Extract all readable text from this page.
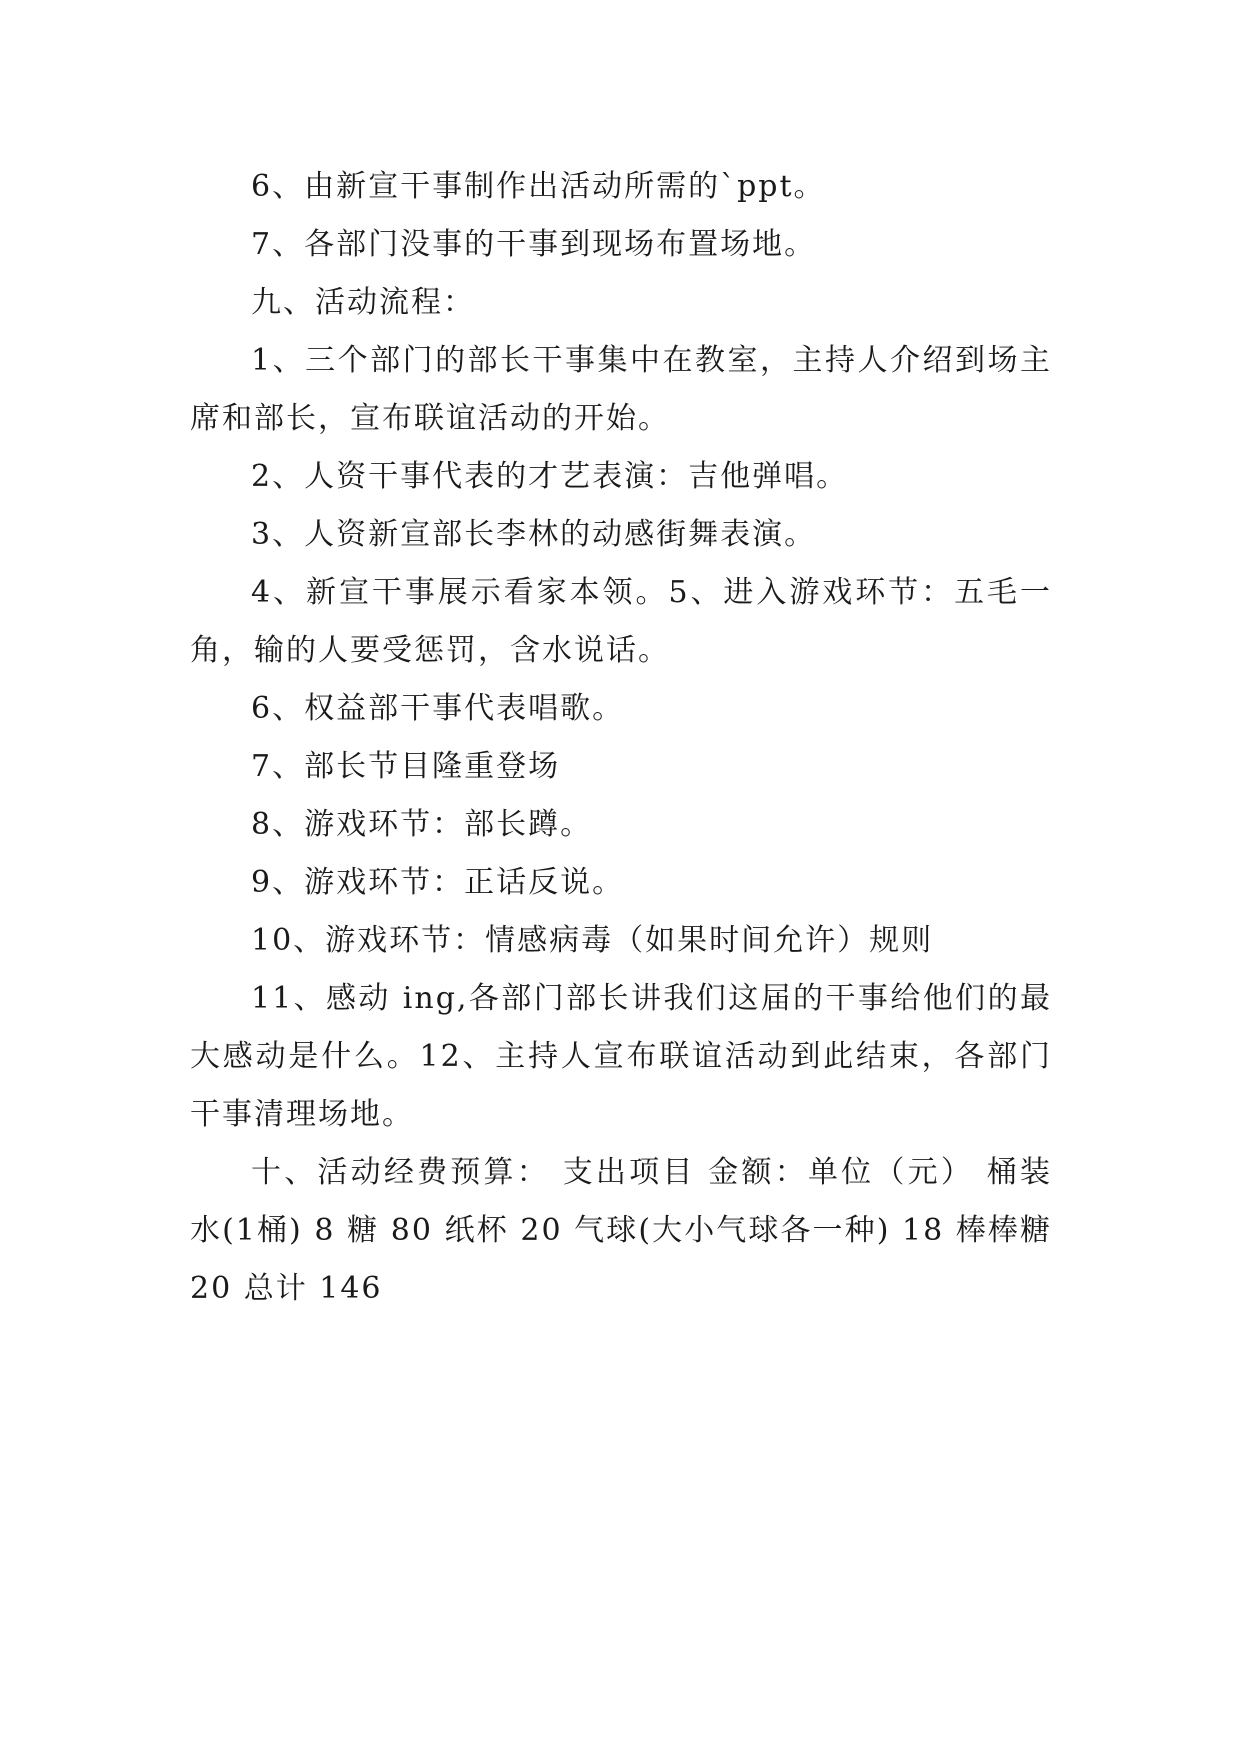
6、由新宣干事制作出活动所需的`ppt。

7、各部门没事的干事到现场布置场地。

九、活动流程：

1、三个部门的部长干事集中在教室，主持人介绍到场主席和部长，宣布联谊活动的开始。

2、人资干事代表的才艺表演：吉他弹唱。

3、人资新宣部长李林的动感街舞表演。

4、新宣干事展示看家本领。5、进入游戏环节：五毛一角，输的人要受惩罚，含水说话。

6、权益部干事代表唱歌。

7、部长节目隆重登场

8、游戏环节：部长蹲。

9、游戏环节：正话反说。

10、游戏环节：情感病毒（如果时间允许）规则

11、感动 ing,各部门部长讲我们这届的干事给他们的最大感动是什么。12、主持人宣布联谊活动到此结束，各部门干事清理场地。

十、活动经费预算： 支出项目 金额：单位（元） 桶装水(1桶) 8 糖 80 纸杯 20 气球(大小气球各一种) 18 棒棒糖 20 总计 146
